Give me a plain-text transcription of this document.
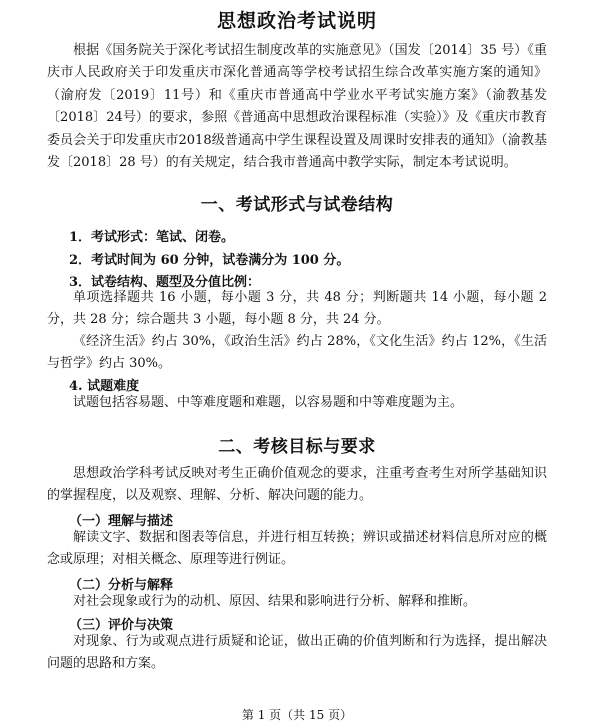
思想政治考试说明

根据《国务院关于深化考试招生制度改革的实施意见》（国发〔2014〕35 号）《重庆市人民政府关于印发重庆市深化普通高等学校考试招生综合改革实施方案的通知》（渝府发〔2019〕11号）和《重庆市普通高中学业水平考试实施方案》（渝教基发〔2018〕24号）的要求，参照《普通高中思想政治课程标准（实验）》及《重庆市教育委员会关于印发重庆市2018级普通高中学生课程设置及周课时安排表的通知》（渝教基发〔2018〕28 号）的有关规定，结合我市普通高中教学实际，制定本考试说明。

一、考试形式与试卷结构
1．考试形式：笔试、闭卷。
2．考试时间为 60 分钟，试卷满分为 100 分。
3．试卷结构、题型及分值比例：

单项选择题共 16 小题，每小题 3 分，共 48 分；判断题共 14 小题，每小题 2 分，共 28 分；综合题共 3 小题，每小题 8 分，共 24 分。

《经济生活》约占 30%，《政治生活》约占 28%，《文化生活》约占 12%，《生活与哲学》约占 30%。

4. 试题难度

试题包括容易题、中等难度题和难题，以容易题和中等难度题为主。

二、考核目标与要求

思想政治学科考试反映对考生正确价值观念的要求，注重考查考生对所学基础知识的掌握程度，以及观察、理解、分析、解决问题的能力。

（一）理解与描述

解读文字、数据和图表等信息，并进行相互转换；辨识或描述材料信息所对应的概念或原理；对相关概念、原理等进行例证。

（二）分析与解释

对社会现象或行为的动机、原因、结果和影响进行分析、解释和推断。

（三）评价与决策

对现象、行为或观点进行质疑和论证，做出正确的价值判断和行为选择，提出解决问题的思路和方案。

第 1 页（共 15 页）
